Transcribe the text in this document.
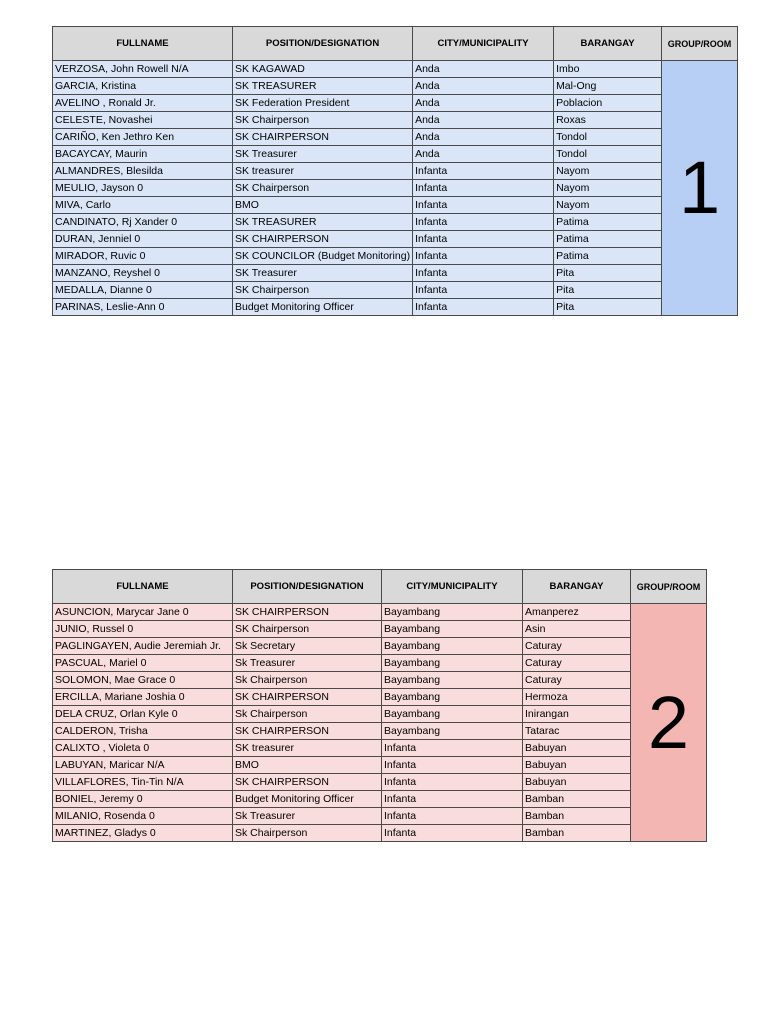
FULLNAME	POSITION/DESIGNATION	CITY/MUNICIPALITY	BARANGAY	GROUP/ROOM
VERZOSA, John Rowell N/A	SK KAGAWAD	Anda	Imbo	1
GARCIA, Kristina	SK TREASURER	Anda	Mal-Ong	
AVELINO , Ronald Jr.	SK Federation President	Anda	Poblacion	
CELESTE, Novashei	SK Chairperson	Anda	Roxas	
CARIÑO, Ken Jethro Ken	SK CHAIRPERSON	Anda	Tondol	
BACAYCAY, Maurin	SK Treasurer	Anda	Tondol	
ALMANDRES, Blesilda	SK treasurer	Infanta	Nayom	
MEULIO, Jayson 0	SK Chairperson	Infanta	Nayom	
MIVA, Carlo	BMO	Infanta	Nayom	
CANDINATO, Rj Xander 0	SK TREASURER	Infanta	Patima	
DURAN, Jenniel 0	SK CHAIRPERSON	Infanta	Patima	
MIRADOR, Ruvic 0	SK COUNCILOR (Budget Monitoring)	Infanta	Patima	
MANZANO, Reyshel 0	SK Treasurer	Infanta	Pita	
MEDALLA, Dianne 0	SK Chairperson	Infanta	Pita	
PARINAS, Leslie-Ann 0	Budget Monitoring Officer	Infanta	Pita	
FULLNAME	POSITION/DESIGNATION	CITY/MUNICIPALITY	BARANGAY	GROUP/ROOM
ASUNCION, Marycar Jane 0	SK CHAIRPERSON	Bayambang	Amanperez	2
JUNIO, Russel 0	SK Chairperson	Bayambang	Asin	
PAGLINGAYEN, Audie Jeremiah Jr.	Sk Secretary	Bayambang	Caturay	
PASCUAL, Mariel 0	Sk Treasurer	Bayambang	Caturay	
SOLOMON, Mae Grace 0	Sk Chairperson	Bayambang	Caturay	
ERCILLA, Mariane Joshia 0	SK CHAIRPERSON	Bayambang	Hermoza	
DELA CRUZ, Orlan Kyle 0	Sk Chairperson	Bayambang	Inirangan	
CALDERON, Trisha	SK CHAIRPERSON	Bayambang	Tatarac	
CALIXTO , Violeta 0	SK treasurer	Infanta	Babuyan	
LABUYAN, Maricar N/A	BMO	Infanta	Babuyan	
VILLAFLORES, Tin-Tin N/A	SK CHAIRPERSON	Infanta	Babuyan	
BONIEL, Jeremy 0	Budget Monitoring Officer	Infanta	Bamban	
MILANIO, Rosenda 0	Sk Treasurer	Infanta	Bamban	
MARTINEZ, Gladys 0	Sk Chairperson	Infanta	Bamban	
